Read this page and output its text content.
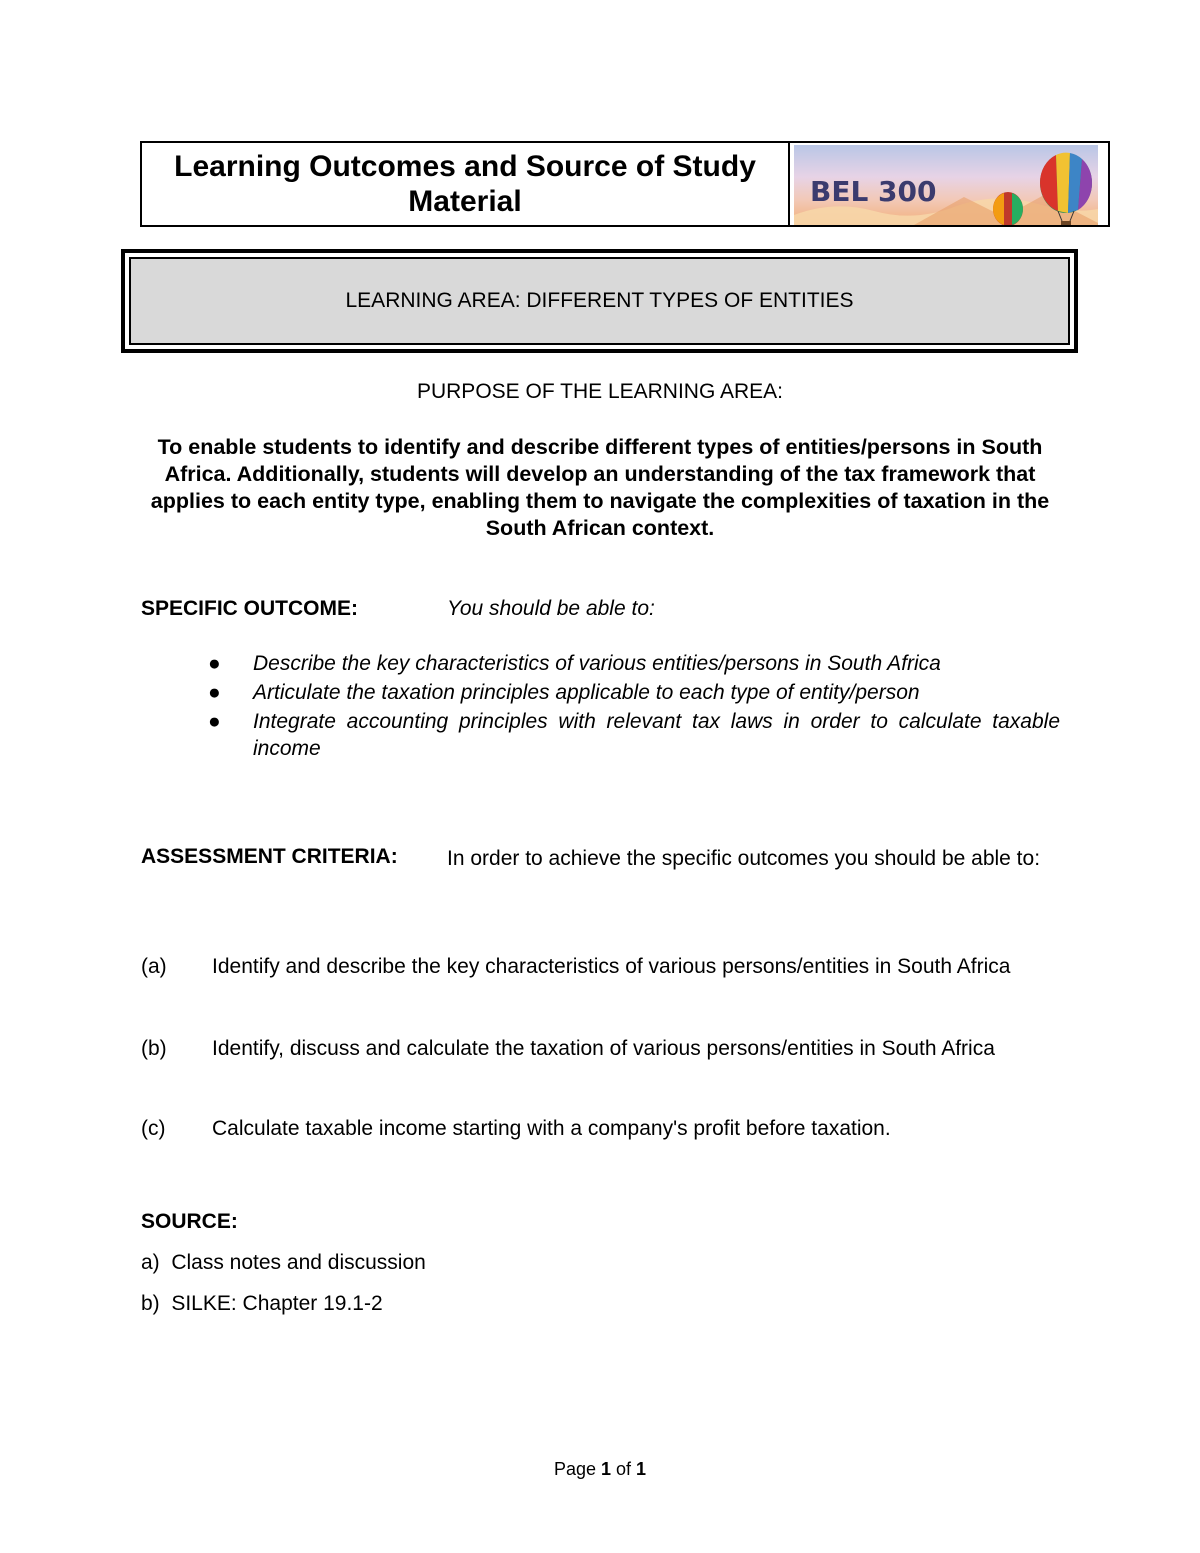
Learning Outcomes and Source of Study Material	BEL 300
LEARNING AREA: DIFFERENT TYPES OF ENTITIES
PURPOSE OF THE LEARNING AREA:
To enable students to identify and describe different types of entities/persons in South Africa. Additionally, students will develop an understanding of the tax framework that applies to each entity type, enabling them to navigate the complexities of taxation in the South African context.
SPECIFIC OUTCOME:	You should be able to:
● Describe the key characteristics of various entities/persons in South Africa
● Articulate the taxation principles applicable to each type of entity/person
● Integrate accounting principles with relevant tax laws in order to calculate taxable income
ASSESSMENT CRITERIA: In order to achieve the specific outcomes you should be able to:
(a) Identify and describe the key characteristics of various persons/entities in South Africa
(b) Identify, discuss and calculate the taxation of various persons/entities in South Africa
(c) Calculate taxable income starting with a company's profit before taxation.
SOURCE:
a)  Class notes and discussion
b)  SILKE: Chapter 19.1-2
Page 1 of 1
